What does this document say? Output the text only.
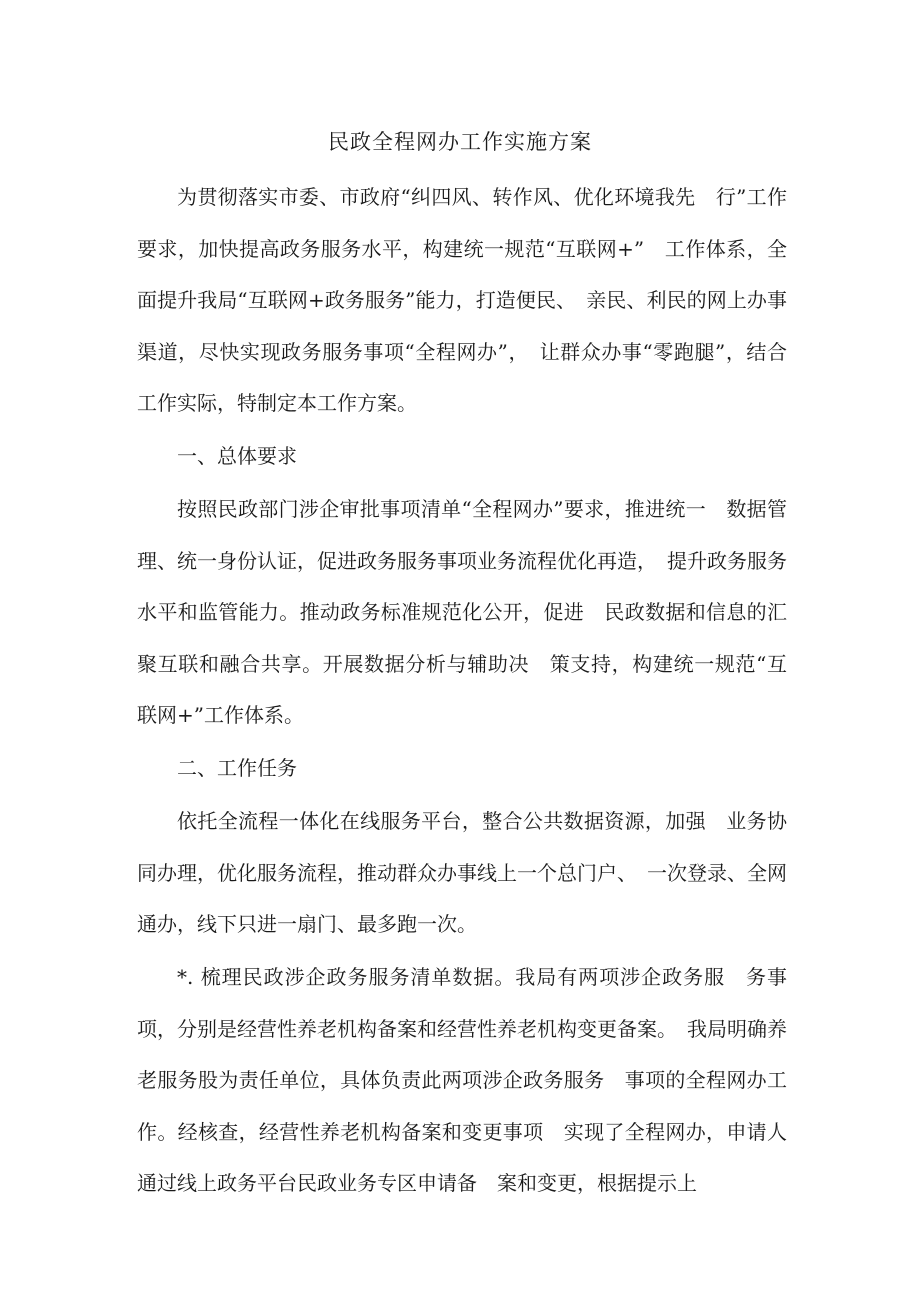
民政全程网办工作实施方案

为贯彻落实市委、市政府“纠四风、转作风、优化环境我先　行”工作要求，加快提高政务服务水平，构建统一规范“互联网+”　工作体系，全面提升我局“互联网+政务服务”能力，打造便民、　亲民、利民的网上办事渠道，尽快实现政务服务事项“全程网办”，　让群众办事“零跑腿”，结合工作实际，特制定本工作方案。

一、总体要求

按照民政部门涉企审批事项清单“全程网办”要求，推进统一　数据管理、统一身份认证，促进政务服务事项业务流程优化再造，　提升政务服务水平和监管能力。推动政务标准规范化公开，促进　民政数据和信息的汇聚互联和融合共享。开展数据分析与辅助决　策支持，构建统一规范“互联网+”工作体系。

二、工作任务

依托全流程一体化在线服务平台，整合公共数据资源，加强　业务协同办理，优化服务流程，推动群众办事线上一个总门户、　一次登录、全网通办，线下只进一扇门、最多跑一次。

*. 梳理民政涉企政务服务清单数据。我局有两项涉企政务服　务事项，分别是经营性养老机构备案和经营性养老机构变更备案。　我局明确养老服务股为责任单位，具体负责此两项涉企政务服务　事项的全程网办工作。经核查，经营性养老机构备案和变更事项　实现了全程网办，申请人通过线上政务平台民政业务专区申请备　案和变更，根据提示上
